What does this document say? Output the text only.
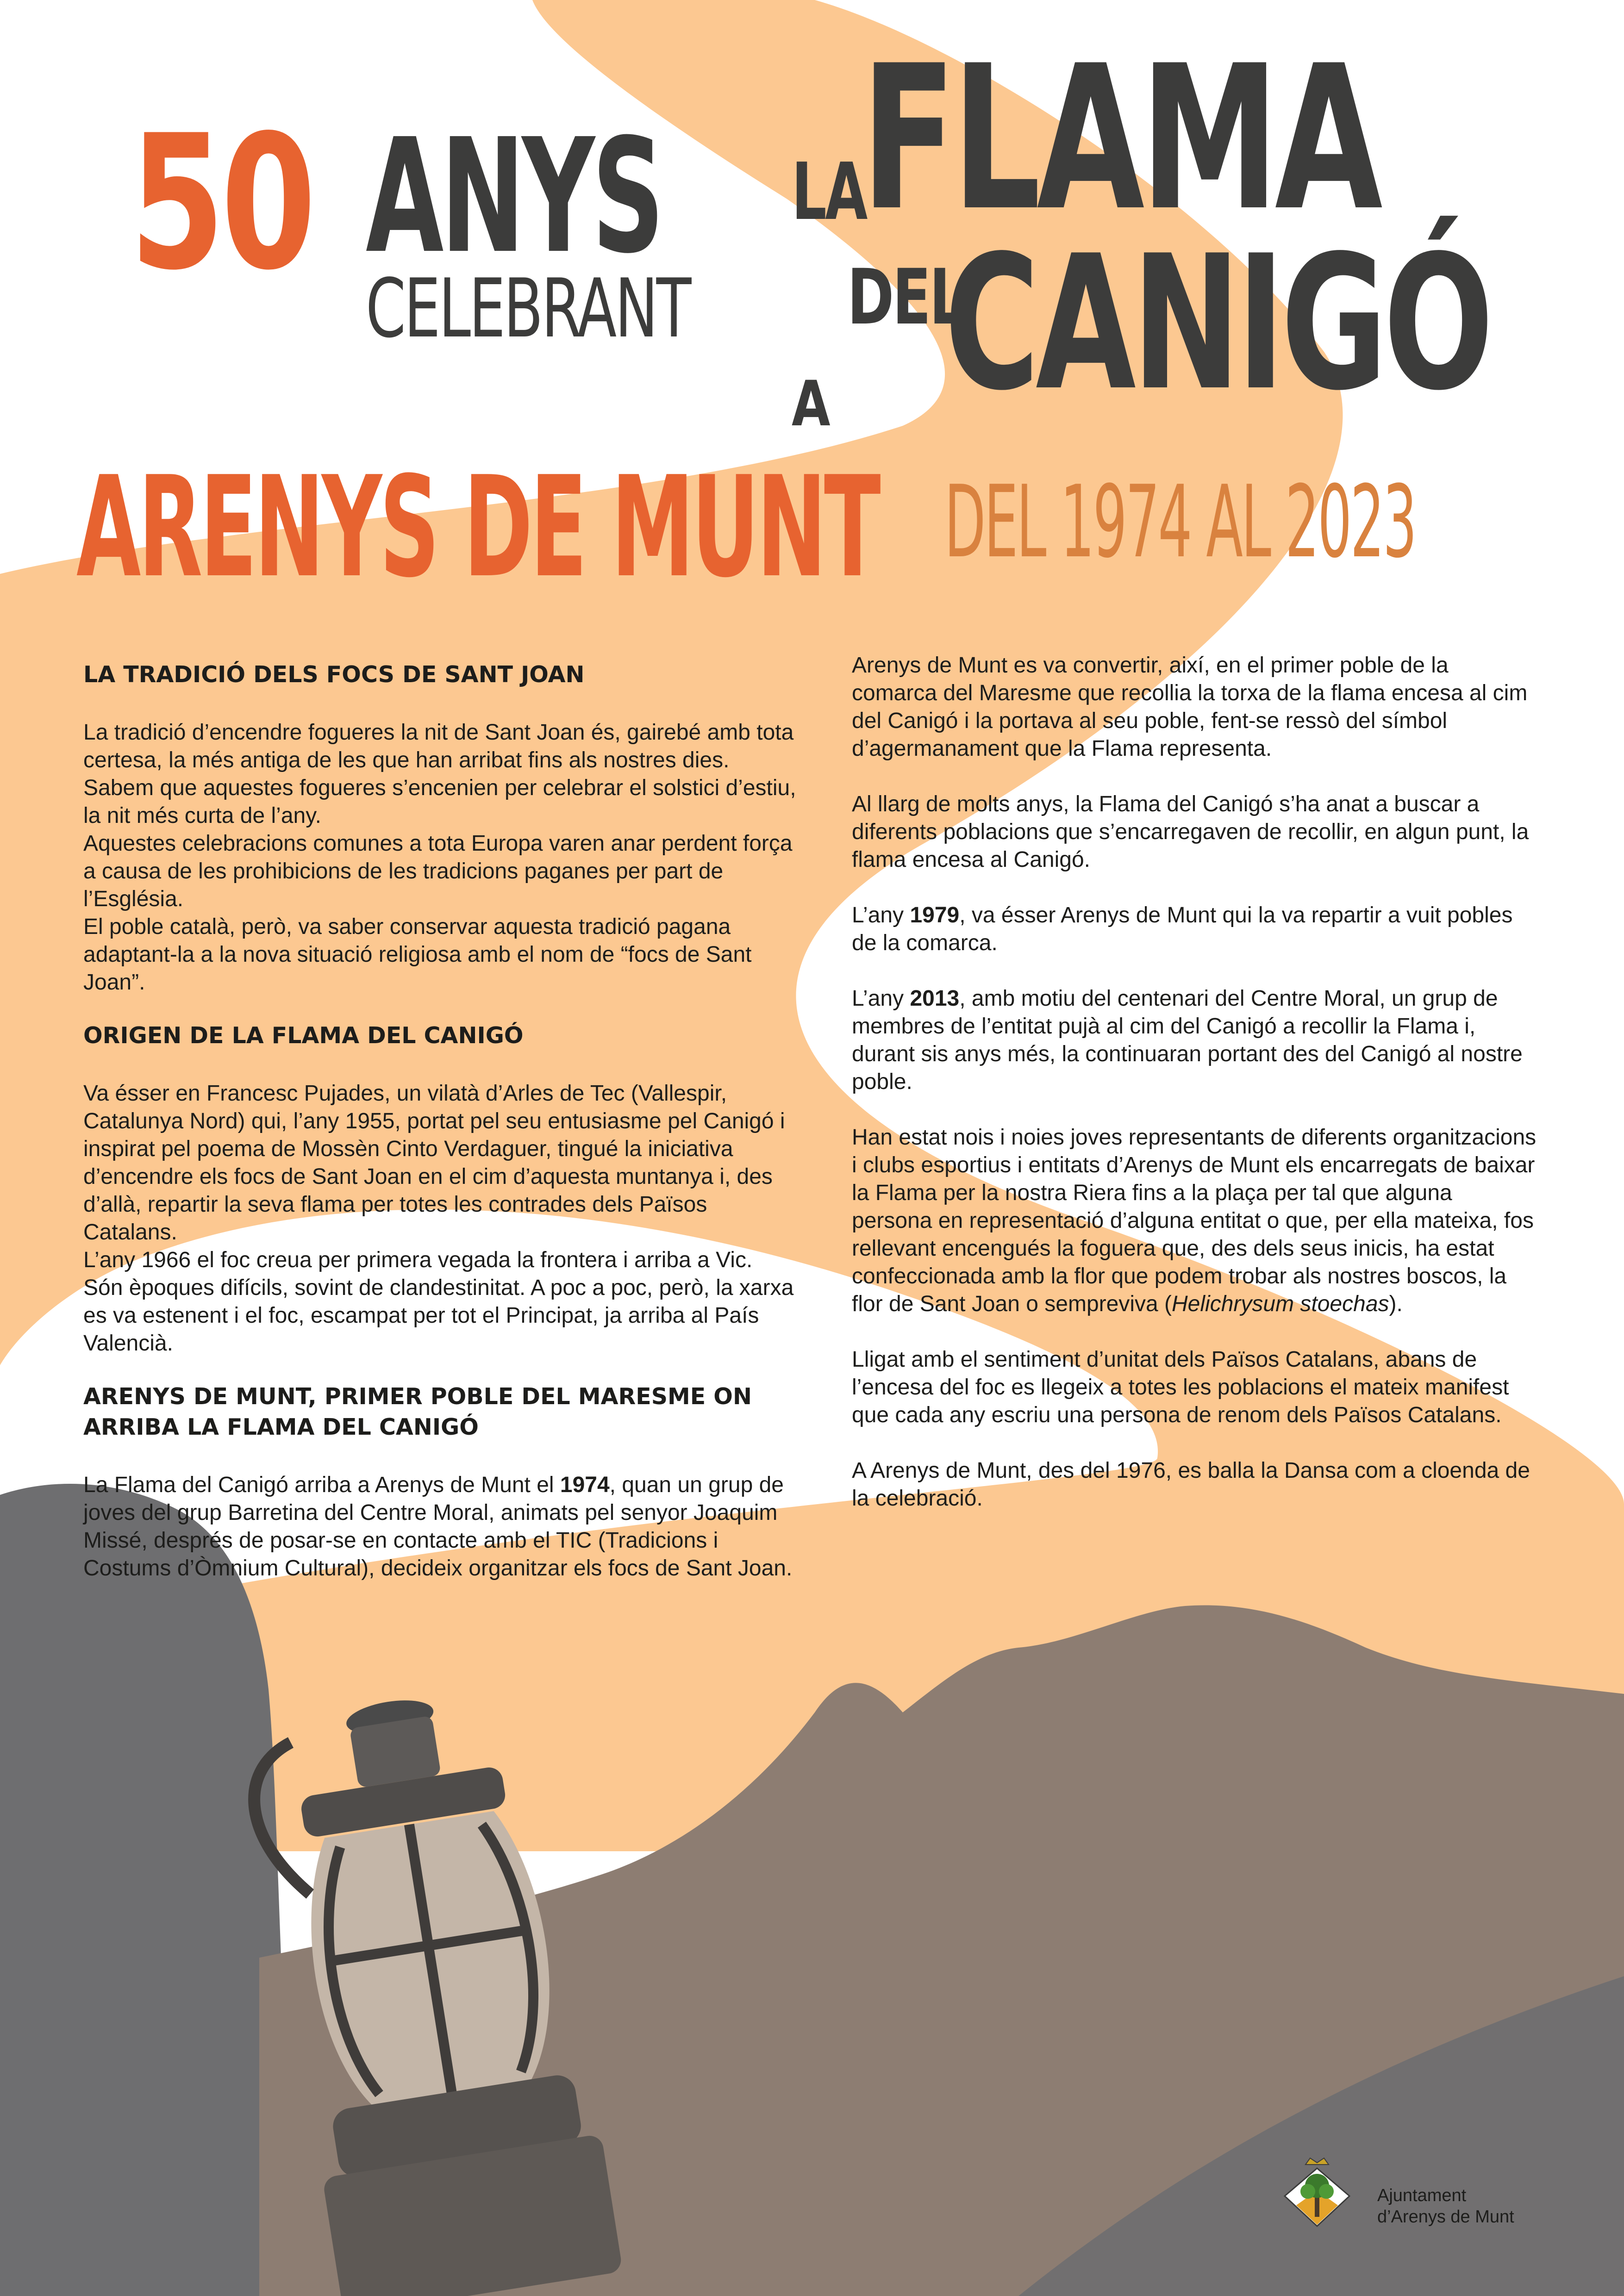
50 ANYS
CELEBRANT
LA
FLAMA
DEL
CANIGÓ
A
ARENYS DE MUNT DEL 1974 AL 2023
LA TRADICIÓ DELS FOCS DE SANT JOAN

La tradició d’encendre fogueres la nit de Sant Joan és, gairebé amb tota certesa, la més antiga de les que han arribat fins als nostres dies.

Sabem que aquestes fogueres s’encenien per celebrar el solstici d’estiu, la nit més curta de l’any.

Aquestes celebracions comunes a tota Europa varen anar perdent força a causa de les prohibicions de les tradicions paganes per part de l’Església.

El poble català, però, va saber conservar aquesta tradició pagana adaptant-la a la nova situació religiosa amb el nom de “focs de Sant Joan”.

ORIGEN DE LA FLAMA DEL CANIGÓ

Va ésser en Francesc Pujades, un vilatà d’Arles de Tec (Vallespir, Catalunya Nord) qui, l’any 1955, portat pel seu entusiasme pel Canigó i inspirat pel poema de Mossèn Cinto Verdaguer, tingué la iniciativa d’encendre els focs de Sant Joan en el cim d’aquesta muntanya i, des d’allà, repartir la seva flama per totes les contrades dels Països Catalans.

L’any 1966 el foc creua per primera vegada la frontera i arriba a Vic.

Són èpoques difícils, sovint de clandestinitat. A poc a poc, però, la xarxa es va estenent i el foc, escampat per tot el Principat, ja arriba al País Valencià.

ARENYS DE MUNT, PRIMER POBLE DEL MARESME ON ARRIBA LA FLAMA DEL CANIGÓ

La Flama del Canigó arriba a Arenys de Munt el 1974, quan un grup de joves del grup Barretina del Centre Moral, animats pel senyor Joaquim Missé, després de posar-se en contacte amb el TIC (Tradicions i Costums d’Òmnium Cultural), decideix organitzar els focs de Sant Joan.

Arenys de Munt es va convertir, així, en el primer poble de la comarca del Maresme que recollia la torxa de la flama encesa al cim del Canigó i la portava al seu poble, fent-se ressò del símbol d’agermanament que la Flama representa.

Al llarg de molts anys, la Flama del Canigó s’ha anat a buscar a diferents poblacions que s’encarregaven de recollir, en algun punt, la flama encesa al Canigó.

L’any 1979, va ésser Arenys de Munt qui la va repartir a vuit pobles de la comarca.

L’any 2013, amb motiu del centenari del Centre Moral, un grup de membres de l’entitat pujà al cim del Canigó a recollir la Flama i, durant sis anys més, la continuaran portant des del Canigó al nostre poble.

Han estat nois i noies joves representants de diferents organitzacions i clubs esportius i entitats d’Arenys de Munt els encarregats de baixar la Flama per la nostra Riera fins a la plaça per tal que alguna persona en representació d’alguna entitat o que, per ella mateixa, fos rellevant encengués la foguera que, des dels seus inicis, ha estat confeccionada amb la flor que podem trobar als nostres boscos, la flor de Sant Joan o sempreviva (Helichrysum stoechas).

Lligat amb el sentiment d’unitat dels Països Catalans, abans de l’encesa del foc es llegeix a totes les poblacions el mateix manifest que cada any escriu una persona de renom dels Països Catalans.

A Arenys de Munt, des del 1976, es balla la Dansa com a cloenda de la celebració.

Ajuntament
d’Arenys de Munt
